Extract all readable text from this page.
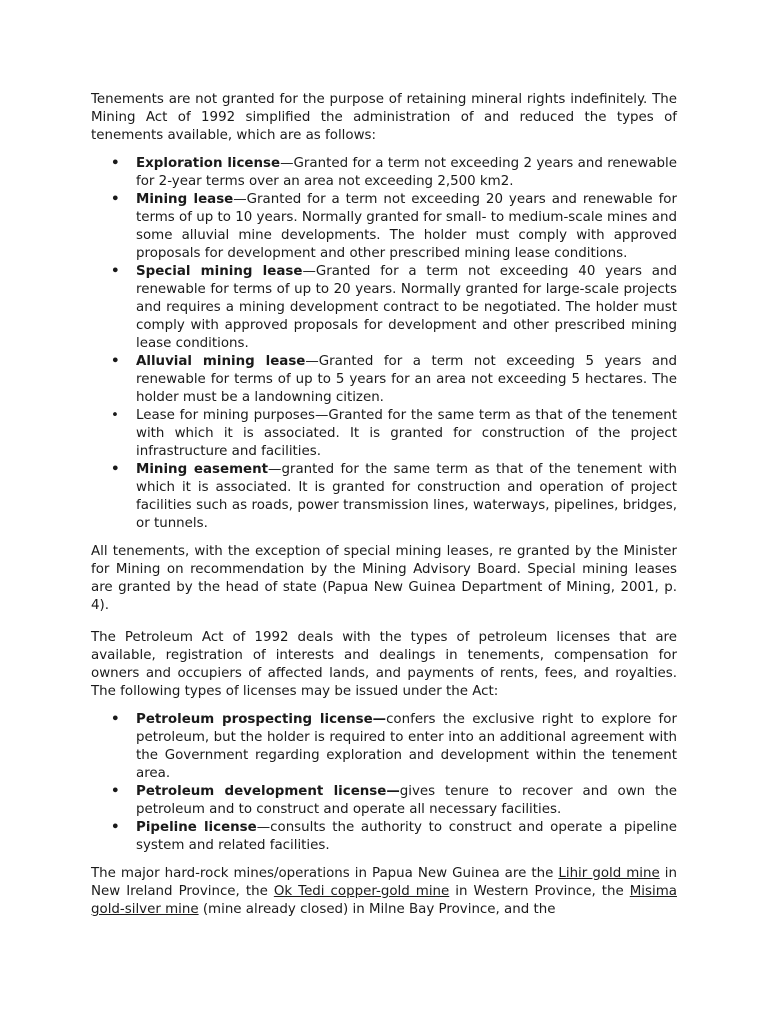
Tenements are not granted for the purpose of retaining mineral rights indefinitely. The Mining Act of 1992 simplified the administration of and reduced the types of tenements available, which are as follows:

• Exploration license—Granted for a term not exceeding 2 years and renewable for 2-year terms over an area not exceeding 2,500 km2.
• Mining lease—Granted for a term not exceeding 20 years and renewable for terms of up to 10 years. Normally granted for small- to medium-scale mines and some alluvial mine developments. The holder must comply with approved proposals for development and other prescribed mining lease conditions.
• Special mining lease—Granted for a term not exceeding 40 years and renewable for terms of up to 20 years. Normally granted for large-scale projects and requires a mining development contract to be negotiated. The holder must comply with approved proposals for development and other prescribed mining lease conditions.
• Alluvial mining lease—Granted for a term not exceeding 5 years and renewable for terms of up to 5 years for an area not exceeding 5 hectares. The holder must be a landowning citizen.
• Lease for mining purposes—Granted for the same term as that of the tenement with which it is associated. It is granted for construction of the project infrastructure and facilities.
• Mining easement—granted for the same term as that of the tenement with which it is associated. It is granted for construction and operation of project facilities such as roads, power transmission lines, waterways, pipelines, bridges, or tunnels.

All tenements, with the exception of special mining leases, re granted by the Minister for Mining on recommendation by the Mining Advisory Board. Special mining leases are granted by the head of state (Papua New Guinea Department of Mining, 2001, p. 4).

The Petroleum Act of 1992 deals with the types of petroleum licenses that are available, registration of interests and dealings in tenements, compensation for owners and occupiers of affected lands, and payments of rents, fees, and royalties. The following types of licenses may be issued under the Act:

• Petroleum prospecting license—confers the exclusive right to explore for petroleum, but the holder is required to enter into an additional agreement with the Government regarding exploration and development within the tenement area.
• Petroleum development license—gives tenure to recover and own the petroleum and to construct and operate all necessary facilities.
• Pipeline license—consults the authority to construct and operate a pipeline system and related facilities.

The major hard-rock mines/operations in Papua New Guinea are the Lihir gold mine in New Ireland Province, the Ok Tedi copper-gold mine in Western Province, the Misima gold-silver mine (mine already closed) in Milne Bay Province, and the
